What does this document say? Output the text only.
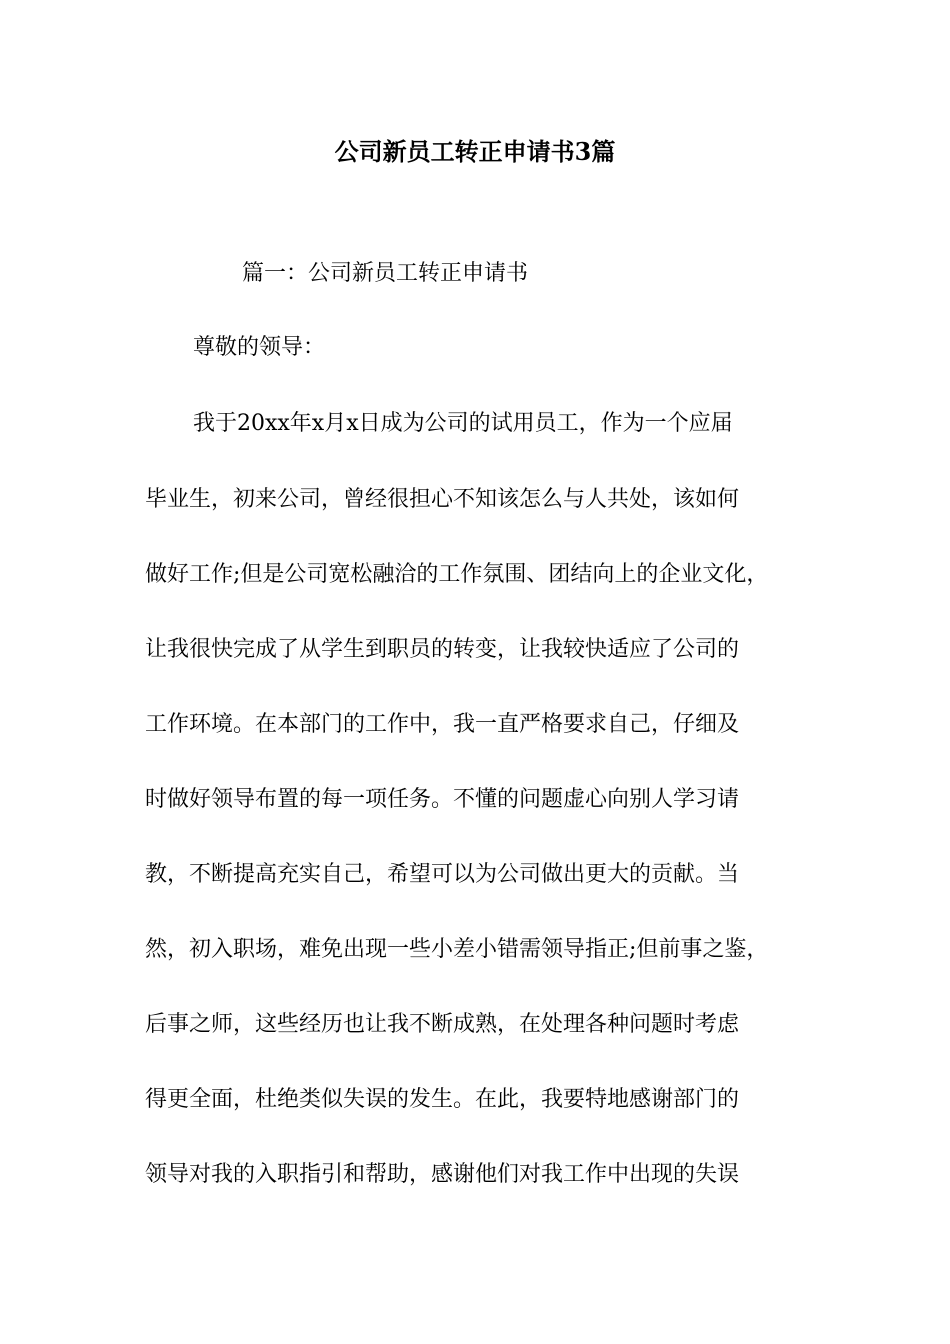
公司新员工转正申请书3篇

篇一：公司新员工转正申请书

尊敬的领导：

我于20xx年x月x日成为公司的试用员工，作为一个应届

毕业生，初来公司，曾经很担心不知该怎么与人共处，该如何

做好工作;但是公司宽松融洽的工作氛围、团结向上的企业文化，

让我很快完成了从学生到职员的转变，让我较快适应了公司的

工作环境。在本部门的工作中，我一直严格要求自己，仔细及

时做好领导布置的每一项任务。不懂的问题虚心向别人学习请

教，不断提高充实自己，希望可以为公司做出更大的贡献。当

然，初入职场，难免出现一些小差小错需领导指正;但前事之鉴，

后事之师，这些经历也让我不断成熟，在处理各种问题时考虑

得更全面，杜绝类似失误的发生。在此，我要特地感谢部门的

领导对我的入职指引和帮助，感谢他们对我工作中出现的失误
